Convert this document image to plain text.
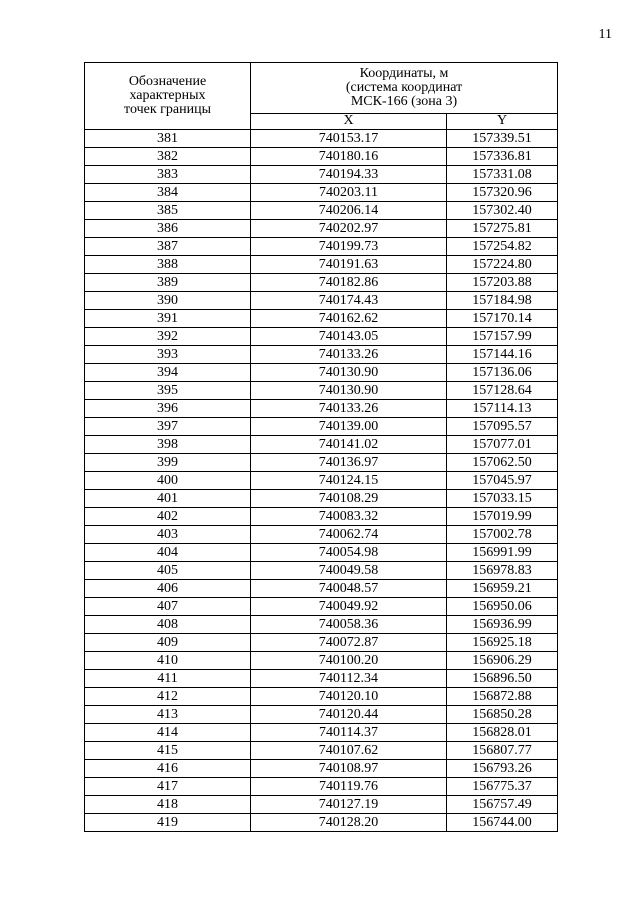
11
Обозначение
характерных
точек границы	Координаты, м
(система координат
МСК-166 (зона 3)	
	X	Y
381	740153.17	157339.51
382	740180.16	157336.81
383	740194.33	157331.08
384	740203.11	157320.96
385	740206.14	157302.40
386	740202.97	157275.81
387	740199.73	157254.82
388	740191.63	157224.80
389	740182.86	157203.88
390	740174.43	157184.98
391	740162.62	157170.14
392	740143.05	157157.99
393	740133.26	157144.16
394	740130.90	157136.06
395	740130.90	157128.64
396	740133.26	157114.13
397	740139.00	157095.57
398	740141.02	157077.01
399	740136.97	157062.50
400	740124.15	157045.97
401	740108.29	157033.15
402	740083.32	157019.99
403	740062.74	157002.78
404	740054.98	156991.99
405	740049.58	156978.83
406	740048.57	156959.21
407	740049.92	156950.06
408	740058.36	156936.99
409	740072.87	156925.18
410	740100.20	156906.29
411	740112.34	156896.50
412	740120.10	156872.88
413	740120.44	156850.28
414	740114.37	156828.01
415	740107.62	156807.77
416	740108.97	156793.26
417	740119.76	156775.37
418	740127.19	156757.49
419	740128.20	156744.00
